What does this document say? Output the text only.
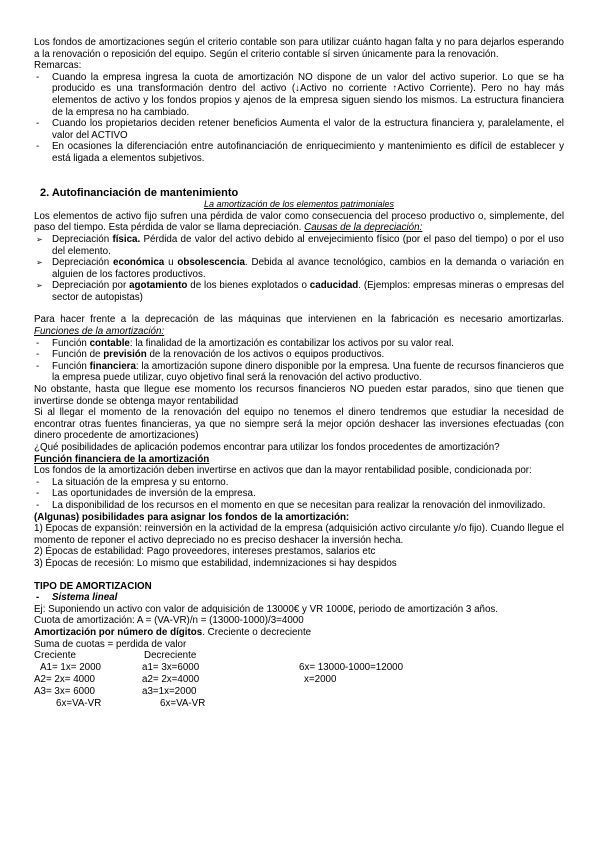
Los fondos de amortizaciones según el criterio contable son para utilizar cuánto hagan falta y no para dejarlos esperando a la renovación o reposición del equipo. Según el criterio contable sí sirven únicamente para la renovación.

Remarcas:

- Cuando la empresa ingresa la cuota de amortización NO dispone de un valor del activo superior. Lo que se ha producido es una transformación dentro del activo (↓Activo no corriente ↑Activo Corriente). Pero no hay más elementos de activo y los fondos propios y ajenos de la empresa siguen siendo los mismos. La estructura financiera de la empresa no ha cambiado.
- Cuando los propietarios deciden retener beneficios Aumenta el valor de la estructura financiera y, paralelamente, el valor del ACTIVO
- En ocasiones la diferenciación entre autofinanciación de enriquecimiento y mantenimiento es difícil de establecer y está ligada a elementos subjetivos.

2. Autofinanciación de mantenimiento

La amortización de los elementos patrimoniales

Los elementos de activo fijo sufren una pérdida de valor como consecuencia del proceso productivo o, simplemente, del paso del tiempo. Esta pérdida de valor se llama depreciación. Causas de la depreciación:

➢ Depreciación física. Pérdida de valor del activo debido al envejecimiento físico (por el paso del tiempo) o por el uso del elemento.
➢ Depreciación económica u obsolescencia. Debida al avance tecnológico, cambios en la demanda o variación en alguien de los factores productivos.
➢ Depreciación por agotamiento de los bienes explotados o caducidad. (Ejemplos: empresas mineras o empresas del sector de autopistas)

Para hacer frente a la deprecación de las máquinas que intervienen en la fabricación es necesario amortizarlas. Funciones de la amortización:

- Función contable: la finalidad de la amortización es contabilizar los activos por su valor real.
- Función de previsión de la renovación de los activos o equipos productivos.
- Función financiera: la amortización supone dinero disponible por la empresa. Una fuente de recursos financieros que la empresa puede utilizar, cuyo objetivo final será la renovación del activo productivo.

No obstante, hasta que llegue ese momento los recursos financieros NO pueden estar parados, sino que tienen que invertirse donde se obtenga mayor rentabilidad

Si al llegar el momento de la renovación del equipo no tenemos el dinero tendremos que estudiar la necesidad de encontrar otras fuentes financieras, ya que no siempre será la mejor opción deshacer las inversiones efectuadas (con dinero procedente de amortizaciones)

¿Qué posibilidades de aplicación podemos encontrar para utilizar los fondos procedentes de amortización?

Función financiera de la amortización

Los fondos de la amortización deben invertirse en activos que dan la mayor rentabilidad posible, condicionada por:

- La situación de la empresa y su entorno.
- Las oportunidades de inversión de la empresa.
- La disponibilidad de los recursos en el momento en que se necesitan para realizar la renovación del inmovilizado.

(Algunas) posibilidades para asignar los fondos de la amortización:

1) Épocas de expansión: reinversión en la actividad de la empresa (adquisición activo circulante y/o fijo). Cuando llegue el momento de reponer el activo depreciado no es preciso deshacer la inversión hecha.

2) Épocas de estabilidad: Pago proveedores, intereses prestamos, salarios etc

3) Épocas de recesión: Lo mismo que estabilidad, indemnizaciones si hay despidos

TIPO DE AMORTIZACION

- Sistema lineal

Ej: Suponiendo un activo con valor de adquisición de 13000€ y VR 1000€, periodo de amortización 3 años.

Cuota de amortización: A = (VA-VR)/n = (13000-1000)/3=4000

Amortización por número de dígitos. Creciente o decreciente

Suma de cuotas = perdida de valor

Creciente	Decreciente
A1= 1x= 2000	a1= 3x=6000	6x= 13000-1000=12000
A2= 2x= 4000	a2= 2x=4000	x=2000
A3= 3x= 6000	a3=1x=2000
6x=VA-VR	6x=VA-VR
